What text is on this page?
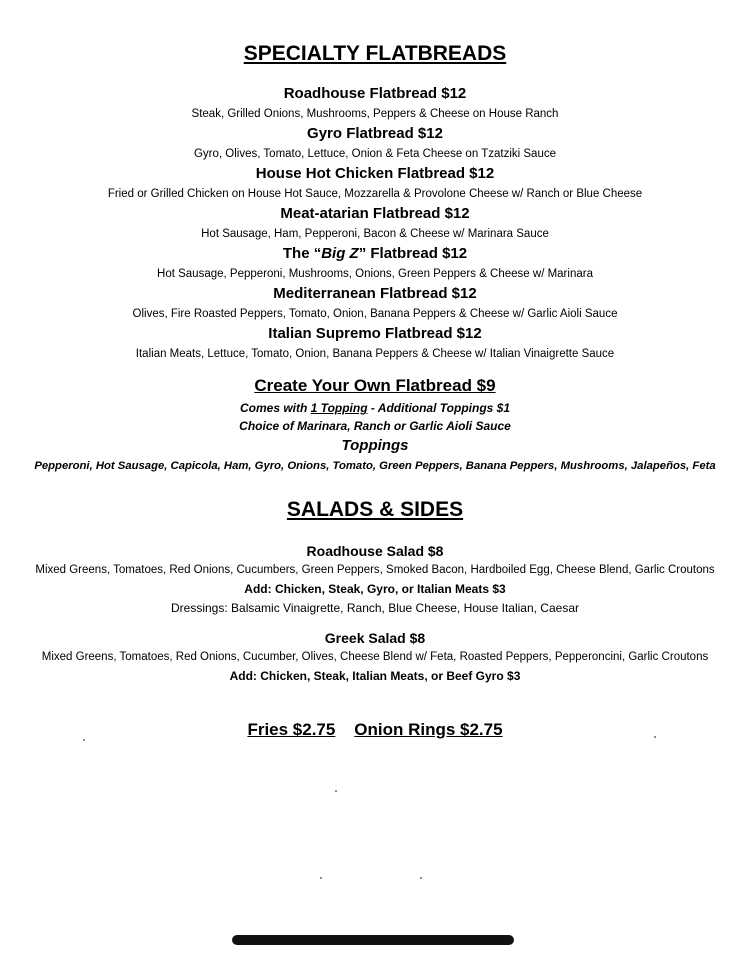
SPECIALTY FLATBREADS
Roadhouse Flatbread $12
Steak, Grilled Onions, Mushrooms, Peppers & Cheese on House Ranch
Gyro Flatbread $12
Gyro, Olives, Tomato, Lettuce, Onion & Feta Cheese on Tzatziki Sauce
House Hot Chicken Flatbread $12
Fried or Grilled Chicken on House Hot Sauce, Mozzarella & Provolone Cheese w/ Ranch or Blue Cheese
Meat-atarian Flatbread $12
Hot Sausage, Ham, Pepperoni, Bacon & Cheese w/ Marinara Sauce
The “Big Z” Flatbread $12
Hot Sausage, Pepperoni, Mushrooms, Onions, Green Peppers & Cheese w/ Marinara
Mediterranean Flatbread $12
Olives, Fire Roasted Peppers, Tomato, Onion, Banana Peppers & Cheese w/ Garlic Aioli Sauce
Italian Supremo Flatbread $12
Italian Meats, Lettuce, Tomato, Onion, Banana Peppers & Cheese w/ Italian Vinaigrette Sauce
Create Your Own Flatbread $9
Comes with 1 Topping - Additional Toppings $1
Choice of Marinara, Ranch or Garlic Aioli Sauce
Toppings
Pepperoni, Hot Sausage, Capicola, Ham, Gyro, Onions, Tomato, Green Peppers, Banana Peppers, Mushrooms, Jalapeños, Feta
SALADS & SIDES
Roadhouse Salad $8
Mixed Greens, Tomatoes, Red Onions, Cucumbers, Green Peppers, Smoked Bacon, Hardboiled Egg, Cheese Blend, Garlic Croutons
Add: Chicken, Steak, Gyro, or Italian Meats $3
Dressings: Balsamic Vinaigrette, Ranch, Blue Cheese, House Italian, Caesar
Greek Salad $8
Mixed Greens, Tomatoes, Red Onions, Cucumber, Olives, Cheese Blend w/ Feta, Roasted Peppers, Pepperoncini, Garlic Croutons
Add: Chicken, Steak, Italian Meats, or Beef Gyro $3
Fries $2.75 Onion Rings $2.75
